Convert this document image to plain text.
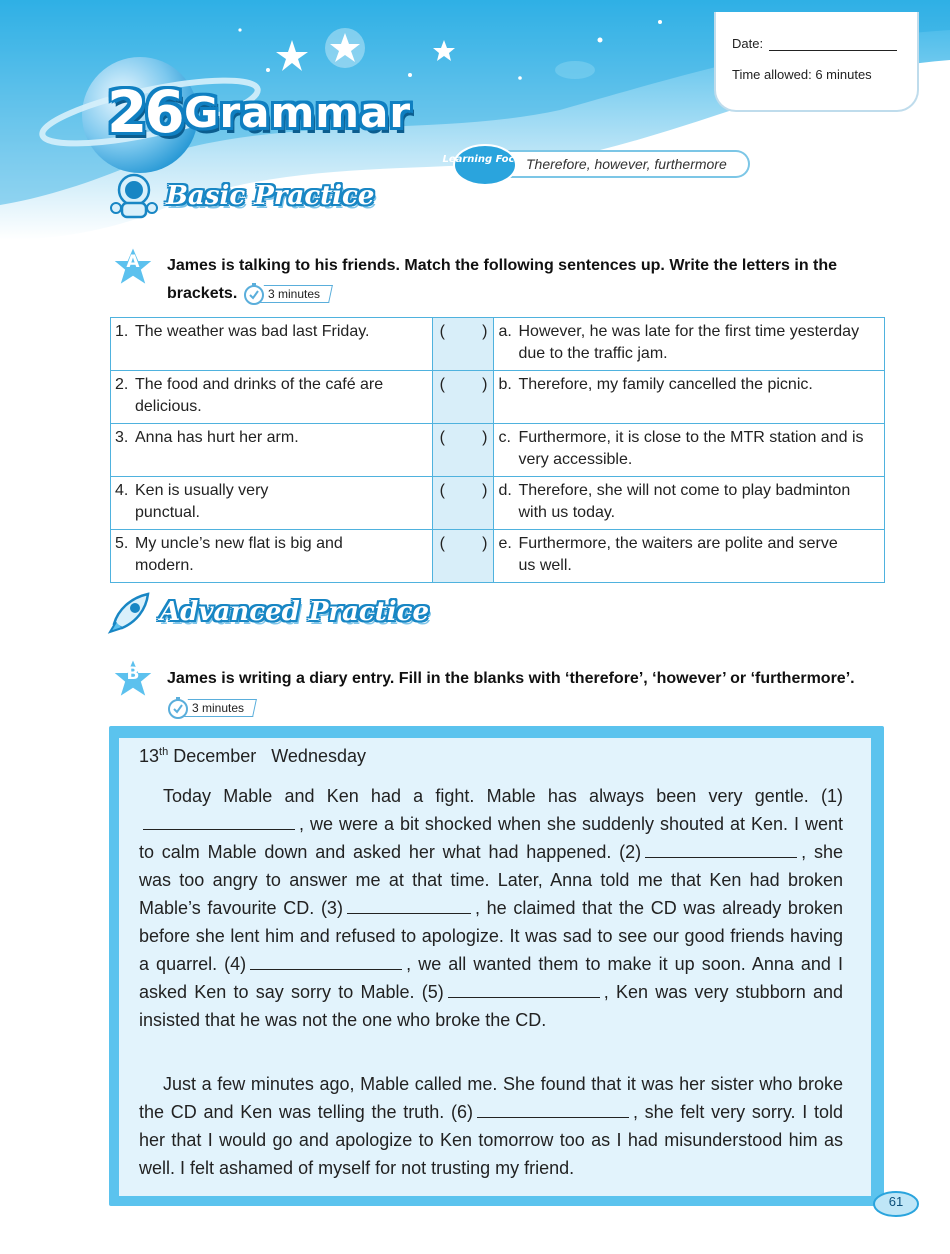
Date:
Time allowed: 6 minutes
26 Grammar
Therefore, however, furthermore
Learning Focus
Basic Practice
A	James is talking to his friends. Match the following sentences up. Write the letters in the brackets.	3 minutes
1. The weather was bad last Friday.	( )	a. However, he was late for the first time yesterday due to the traffic jam.

2. The food and drinks of the café are delicious.	( )	b. Therefore, my family cancelled the picnic.

3. Anna has hurt her arm.	( )	c. Furthermore, it is close to the MTR station and is very accessible.

4. Ken is usually very punctual.	( )	d. Therefore, she will not come to play badminton with us today.

5. My uncle’s new flat is big and modern.	( )	e. Furthermore, the waiters are polite and serve us well.
Advanced Practice
B	James is writing a diary entry. Fill in the blanks with ‘therefore’, ‘however’ or ‘furthermore’.
3 minutes
13th December   Wednesday
Today Mable and Ken had a fight. Mable has always been very gentle. (1), we were a bit shocked when she suddenly shouted at Ken. I went to calm Mable down and asked her what had happened. (2)	, she was too angry to answer me at that time. Later, Anna told me that Ken had broken Mable’s favourite CD. (3)	, he claimed that the CD was already broken before she lent him and refused to apologize. It was sad to see our good friends having a quarrel. (4)	, we all wanted them to make it up soon. Anna and I asked Ken to say sorry to Mable. (5)	, Ken was very stubborn and insisted that he was not the one who broke the CD.
Just a few minutes ago, Mable called me. She found that it was her sister who broke the CD and Ken was telling the truth. (6)	, she felt very sorry. I told her that I would go and apologize to Ken tomorrow too as I had misunderstood him as well. I felt ashamed of myself for not trusting my friend.
61
